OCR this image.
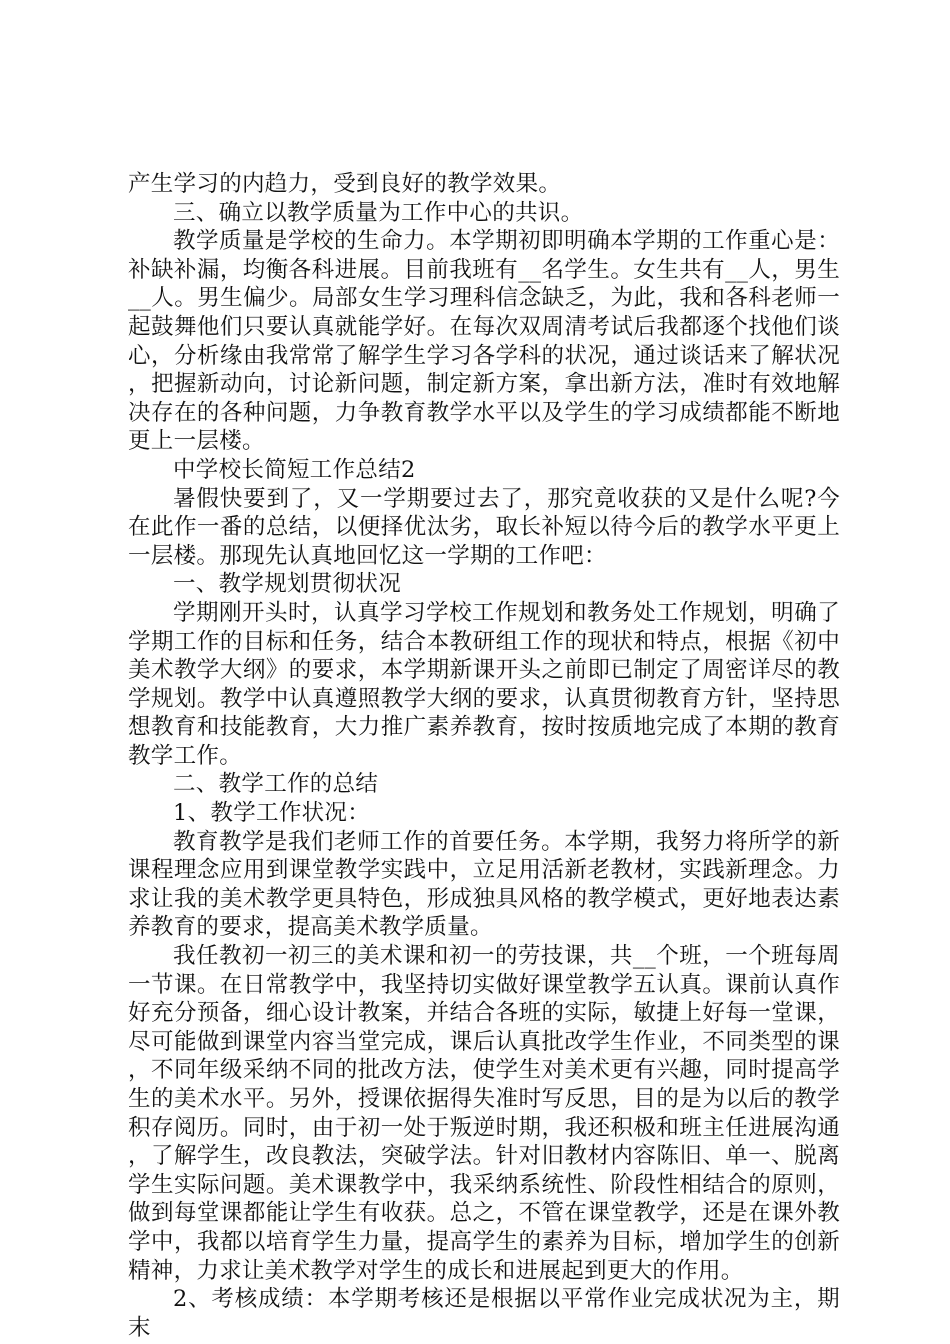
产生学习的内趋力，受到良好的教学效果。

三、确立以教学质量为工作中心的共识。

教学质量是学校的生命力。本学期初即明确本学期的工作重心是：补缺补漏，均衡各科进展。目前我班有__名学生。女生共有__人，男生__人。男生偏少。局部女生学习理科信念缺乏，为此，我和各科老师一起鼓舞他们只要认真就能学好。在每次双周清考试后我都逐个找他们谈心，分析缘由我常常了解学生学习各学科的状况，通过谈话来了解状况，把握新动向，讨论新问题，制定新方案，拿出新方法，准时有效地解决存在的各种问题，力争教育教学水平以及学生的学习成绩都能不断地更上一层楼。

中学校长简短工作总结2

暑假快要到了，又一学期要过去了，那究竟收获的又是什么呢?今在此作一番的总结，以便择优汰劣，取长补短以待今后的教学水平更上一层楼。那现先认真地回忆这一学期的工作吧：

一、教学规划贯彻状况

学期刚开头时，认真学习学校工作规划和教务处工作规划，明确了学期工作的目标和任务，结合本教研组工作的现状和特点，根据《初中美术教学大纲》的要求，本学期新课开头之前即已制定了周密详尽的教学规划。教学中认真遵照教学大纲的要求，认真贯彻教育方针，坚持思想教育和技能教育，大力推广素养教育，按时按质地完成了本期的教育教学工作。

二、教学工作的总结

1、教学工作状况：

教育教学是我们老师工作的首要任务。本学期，我努力将所学的新课程理念应用到课堂教学实践中，立足用活新老教材，实践新理念。力求让我的美术教学更具特色，形成独具风格的教学模式，更好地表达素养教育的要求，提高美术教学质量。

我任教初一初三的美术课和初一的劳技课，共__个班，一个班每周一节课。在日常教学中，我坚持切实做好课堂教学五认真。课前认真作好充分预备，细心设计教案，并结合各班的实际，敏捷上好每一堂课，尽可能做到课堂内容当堂完成，课后认真批改学生作业，不同类型的课，不同年级采纳不同的批改方法，使学生对美术更有兴趣，同时提高学生的美术水平。另外，授课依据得失准时写反思，目的是为以后的教学积存阅历。同时，由于初一处于叛逆时期，我还积极和班主任进展沟通，了解学生，改良教法，突破学法。针对旧教材内容陈旧、单一、脱离学生实际问题。美术课教学中，我采纳系统性、阶段性相结合的原则，做到每堂课都能让学生有收获。总之，不管在课堂教学，还是在课外教学中，我都以培育学生力量，提高学生的素养为目标，增加学生的创新精神，力求让美术教学对学生的成长和进展起到更大的作用。

2、考核成绩：本学期考核还是根据以平常作业完成状况为主，期末
